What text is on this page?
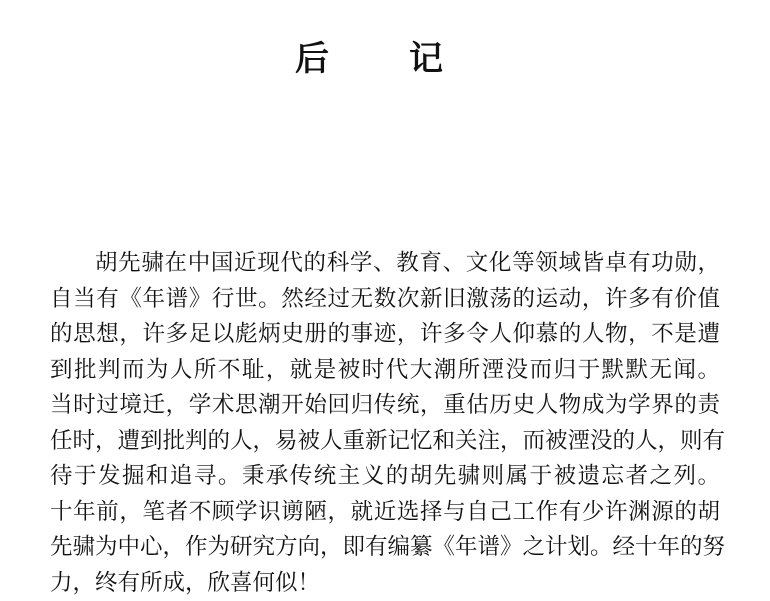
后 记
胡先骕在中国近现代的科学、教育、文化等领域皆卓有功勋，
自当有《年谱》行世。然经过无数次新旧激荡的运动，许多有价值
的思想，许多足以彪炳史册的事迹，许多令人仰慕的人物，不是遭
到批判而为人所不耻，就是被时代大潮所湮没而归于默默无闻。
当时过境迁，学术思潮开始回归传统，重估历史人物成为学界的责
任时，遭到批判的人，易被人重新记忆和关注，而被湮没的人，则有
待于发掘和追寻。秉承传统主义的胡先骕则属于被遗忘者之列。
十年前，笔者不顾学识谫陋，就近选择与自己工作有少许渊源的胡
先骕为中心，作为研究方向，即有编纂《年谱》之计划。经十年的努
力，终有所成，欣喜何似！
